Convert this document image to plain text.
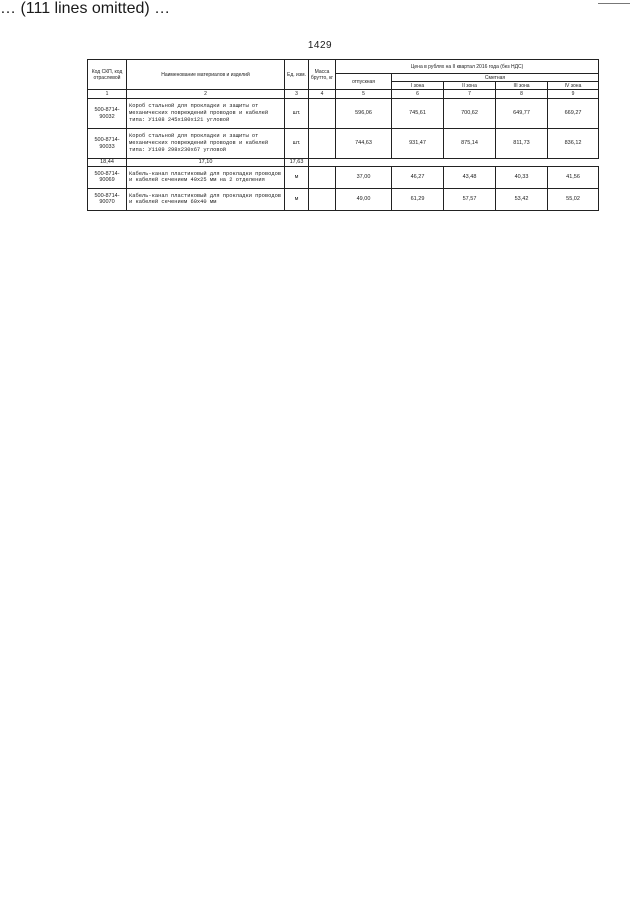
1429
… (111 lines omitted) …
Код СКП, код отраслевой	Наименование материалов и изделий	Ед. изм.	Масса брутто, кг	Цена в рублях на II квартал 2016 года (без НДС)				
				отпускная	Сметная			
					I зона	II зона	III зона	IV зона
1	2	3	4	5	6	7	8	9
500-8714-90032	Короб стальной для прокладки и защиты от механических повреждений проводов и кабелей типа: У1108 245х180х121 угловой	шт.		596,06	745,61	700,62	649,77	669,27
500-8714-90033	Короб стальной для прокладки и защиты от механических повреждений проводов и кабелей типа: У1109 298х230х67 угловой	шт.		744,63	931,47	875,14	811,73	836,12
18,44	17,10	17,63						
500-8714-90069	Кабель-канал пластиковый для прокладки проводов и кабелей сечением 40х25 мм на 2 отделения	м		37,00	46,27	43,48	40,33	41,56
500-8714-90070	Кабель-канал пластиковый для прокладки проводов и кабелей сечением 60х40 мм	м		49,00	61,29	57,57	53,42	55,02
